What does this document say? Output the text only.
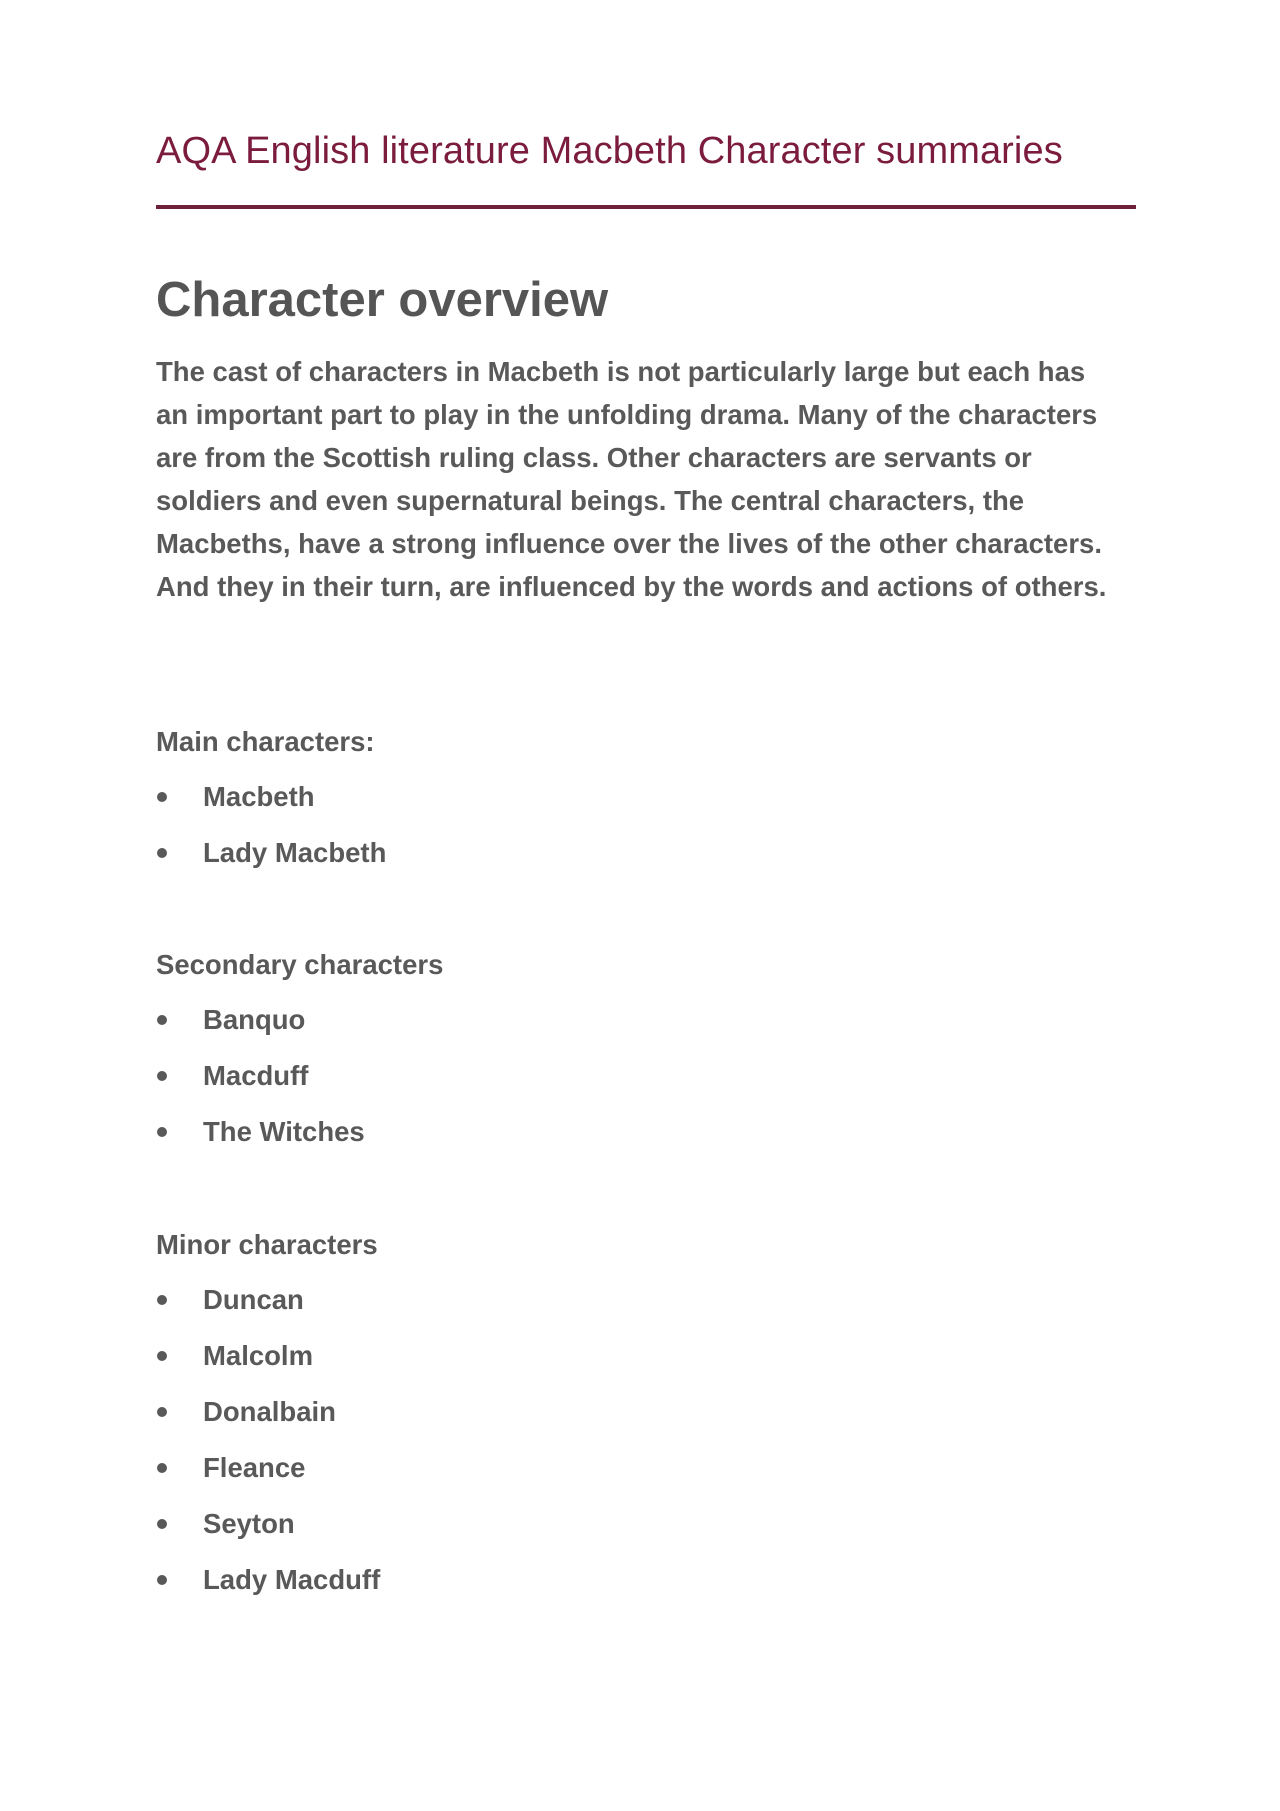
AQA English literature Macbeth Character summaries
Character overview

The cast of characters in Macbeth is not particularly large but each has an important part to play in the unfolding drama. Many of the characters are from the Scottish ruling class. Other characters are servants or soldiers and even supernatural beings. The central characters, the Macbeths, have a strong influence over the lives of the other characters. And they in their turn, are influenced by the words and actions of others.

Main characters:

Macbeth
Lady Macbeth

Secondary characters

Banquo
Macduff
The Witches

Minor characters

Duncan
Malcolm
Donalbain
Fleance
Seyton
Lady Macduff
